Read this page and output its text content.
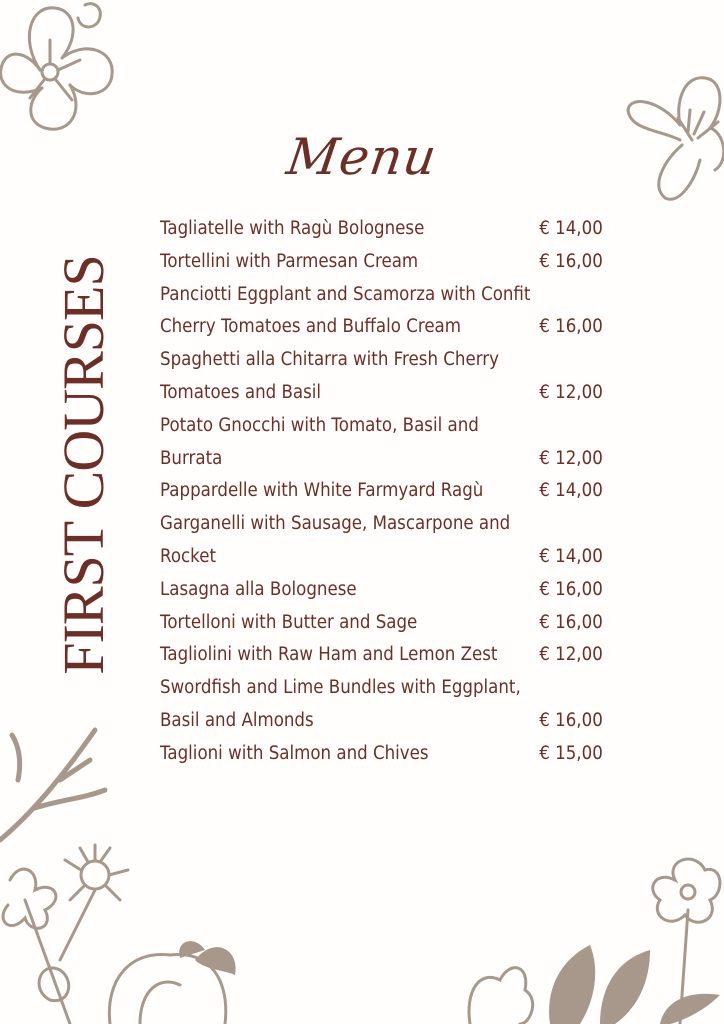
Menu
FIRST COURSES
Tagliatelle with Ragù Bolognese	€ 14,00
Tortellini with Parmesan Cream	€ 16,00
Panciotti Eggplant and Scamorza with Confit
Cherry Tomatoes and Buffalo Cream	€ 16,00
Spaghetti alla Chitarra with Fresh Cherry
Tomatoes and Basil	€ 12,00
Potato Gnocchi with Tomato, Basil and
Burrata	€ 12,00
Pappardelle with White Farmyard Ragù	€ 14,00
Garganelli with Sausage, Mascarpone and
Rocket	€ 14,00
Lasagna alla Bolognese	€ 16,00
Tortelloni with Butter and Sage	€ 16,00
Tagliolini with Raw Ham and Lemon Zest € 12,00
Swordfish and Lime Bundles with Eggplant,
Basil and Almonds	€ 16,00
Taglioni with Salmon and Chives	€ 15,00
